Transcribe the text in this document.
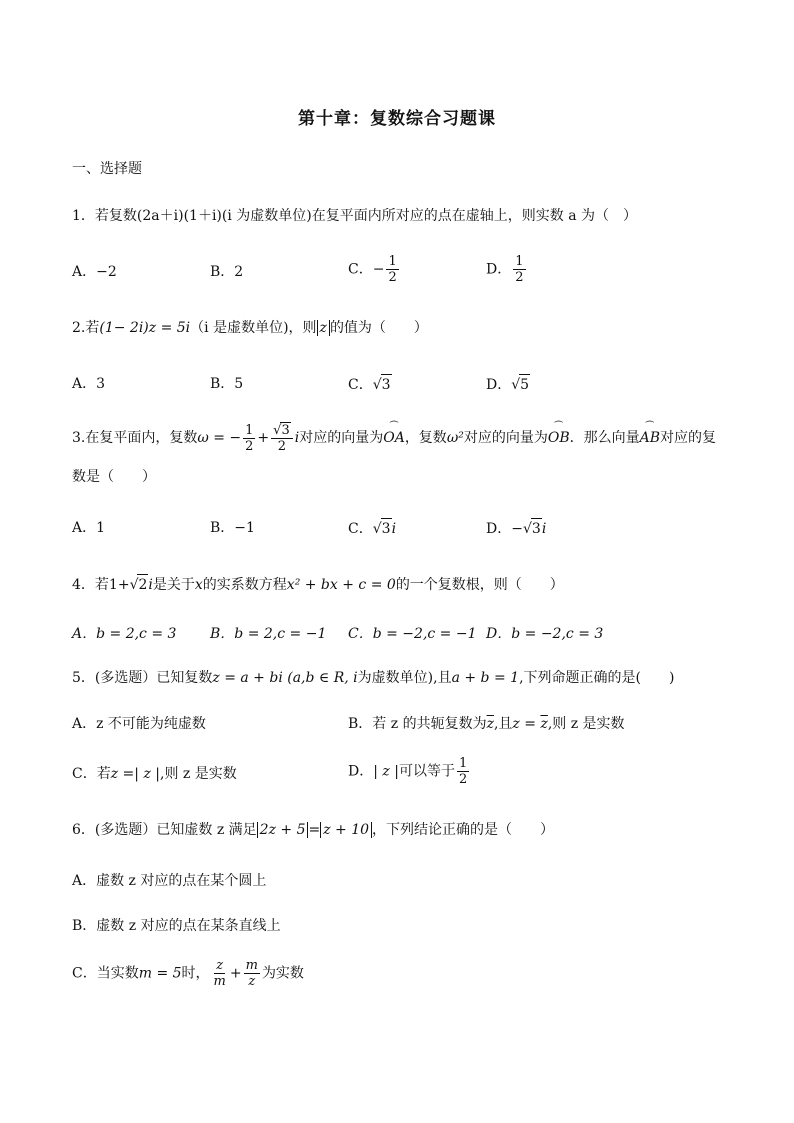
第十章：复数综合习题课
一、选择题
1．若复数(2a＋i)(1＋i)(i 为虚数单位)在复平面内所对应的点在虚轴上，则实数 a 为（　）
A．−2	B．2	C．− $\frac{1}{2}$	D． $\frac{1}{2}$
2.若(1− 2i)z = 5i（i 是虚数单位)，则 z 的值为（　　）
A．3	B．5	C．√3	D．√5
3.在复平面内，复数ω = − $\frac{1}{2} + \frac{√3}{2}$ i对应的向量为⏜ OA，复数ω²对应的向量为⏜ OB．那么向量⏜ AB对应的复
数是（　　）
A．1	B．−1	C．√3i	D．−√3i
4．若1+√2i是关于x的实系数方程x² + bx + c = 0的一个复数根，则（　　）
A．b = 2,c = 3 B．b = 2,c = −1 C．b = −2,c = −1 D．b = −2,c = 3
5．(多选题）已知复数z = a + bi (a,b ∈ R, i为虚数单位),且a + b = 1,下列命题正确的是(　　)
A．z 不可能为纯虚数	B．若 z 的共轭复数为$\overline{z}$,且$z = \overline{z}$,则 z 是实数
C．若z =| z |,则 z 是实数	D．| z |可以等于 $\frac{1}{2}$
6．(多选题）已知虚数 z 满足 2z + 5 = z + 10 ，下列结论正确的是（　　）
A．虚数 z 对应的点在某个圆上
B．虚数 z 对应的点在某条直线上
C．当实数m = 5时， $\frac{z}{m} + \frac{m}{z}$ 为实数
